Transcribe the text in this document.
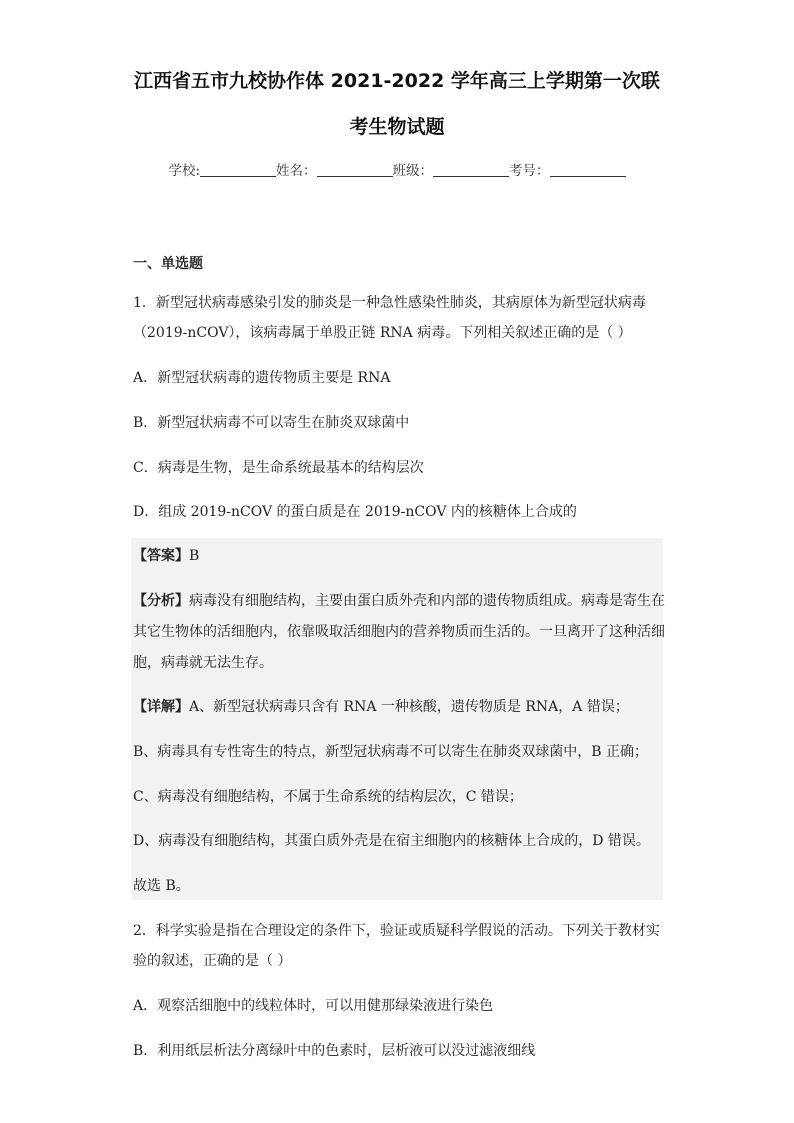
江西省五市九校协作体 2021-2022 学年高三上学期第一次联
考生物试题
学校:	姓名：	班级：	考号：
一、单选题
1．新型冠状病毒感染引发的肺炎是一种急性感染性肺炎，其病原体为新型冠状病毒
（2019-nCOV），该病毒属于单股正链 RNA 病毒。下列相关叙述正确的是（ ）
A．新型冠状病毒的遗传物质主要是 RNA
B．新型冠状病毒不可以寄生在肺炎双球菌中
C．病毒是生物，是生命系统最基本的结构层次
D．组成 2019-nCOV 的蛋白质是在 2019-nCOV 内的核糖体上合成的
【答案】B
【分析】病毒没有细胞结构，主要由蛋白质外壳和内部的遗传物质组成。病毒是寄生在
其它生物体的活细胞内，依靠吸取活细胞内的营养物质而生活的。一旦离开了这种活细
胞，病毒就无法生存。
【详解】A、新型冠状病毒只含有 RNA 一种核酸，遗传物质是 RNA，A 错误；
B、病毒具有专性寄生的特点，新型冠状病毒不可以寄生在肺炎双球菌中，B 正确；
C、病毒没有细胞结构，不属于生命系统的结构层次，C 错误；
D、病毒没有细胞结构，其蛋白质外壳是在宿主细胞内的核糖体上合成的，D 错误。
故选 B。
2．科学实验是指在合理设定的条件下，验证或质疑科学假说的活动。下列关于教材实
验的叙述，正确的是（ ）
A．观察活细胞中的线粒体时，可以用健那绿染液进行染色
B．利用纸层析法分离绿叶中的色素时，层析液可以没过滤液细线
